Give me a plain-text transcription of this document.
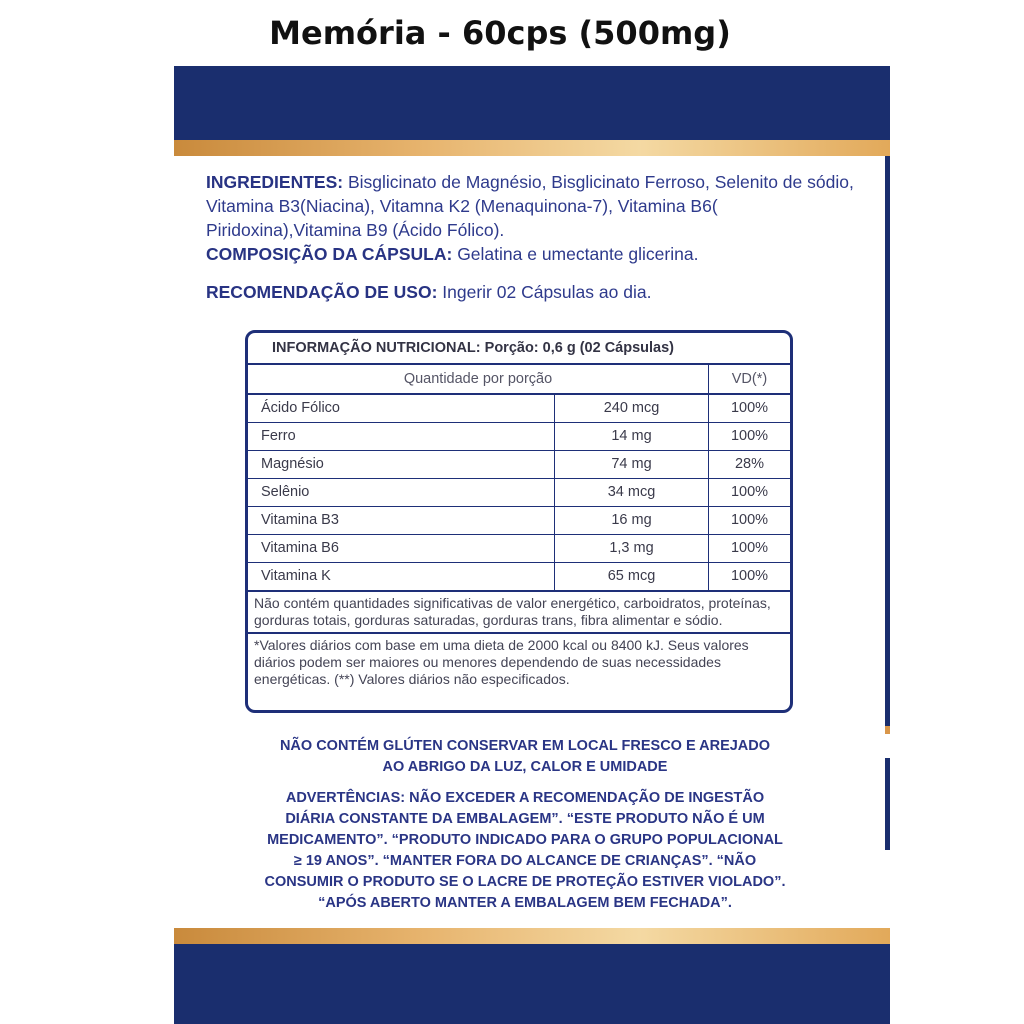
Memória - 60cps (500mg)
INGREDIENTES: Bisglicinato de Magnésio, Bisglicinato Ferroso, Selenito de sódio, Vitamina B3(Niacina), Vitamna K2 (Menaquinona-7), Vitamina B6( Piridoxina),Vitamina B9 (Ácido Fólico).
COMPOSIÇÃO DA CÁPSULA: Gelatina e umectante glicerina.
RECOMENDAÇÃO DE USO: Ingerir 02 Cápsulas ao dia.
INFORMAÇÃO NUTRICIONAL: Porção: 0,6 g (02 Cápsulas)
Quantidade por porção	VD(*)
Ácido Fólico	240 mcg	100%
Ferro	14 mg	100%
Magnésio	74 mg	28%
Selênio	34 mcg	100%
Vitamina B3	16 mg	100%
Vitamina B6	1,3 mg	100%
Vitamina K	65 mcg	100%
Não contém quantidades significativas de valor energético, carboidratos, proteínas, gorduras totais, gorduras saturadas, gorduras trans, fibra alimentar e sódio.
*Valores diários com base em uma dieta de 2000 kcal ou 8400 kJ. Seus valores diários podem ser maiores ou menores dependendo de suas necessidades energéticas. (**) Valores diários não especificados.
NÃO CONTÉM GLÚTEN CONSERVAR EM LOCAL FRESCO E AREJADO
AO ABRIGO DA LUZ, CALOR E UMIDADE
ADVERTÊNCIAS: NÃO EXCEDER A RECOMENDAÇÃO DE INGESTÃO
DIÁRIA CONSTANTE DA EMBALAGEM”. “ESTE PRODUTO NÃO É UM
MEDICAMENTO”. “PRODUTO INDICADO PARA O GRUPO POPULACIONAL
≥ 19 ANOS”. “MANTER FORA DO ALCANCE DE CRIANÇAS”. “NÃO
CONSUMIR O PRODUTO SE O LACRE DE PROTEÇÃO ESTIVER VIOLADO”.
“APÓS ABERTO MANTER A EMBALAGEM BEM FECHADA”.
